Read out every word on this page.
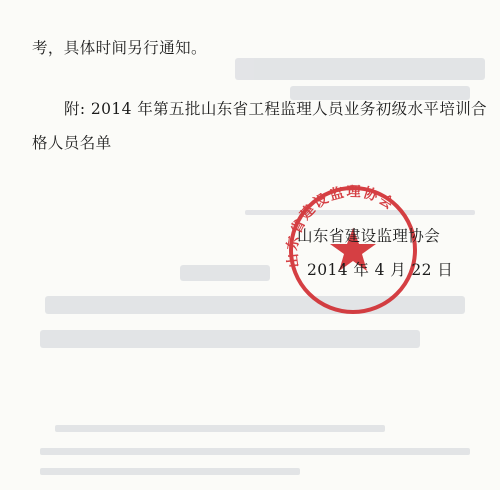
考，具体时间另行通知。
附: 2014 年第五批山东省工程监理人员业务初级水平培训合
格人员名单
山东省建设监理协会
山东省建设监理协会
2014 年 4 月 22 日
